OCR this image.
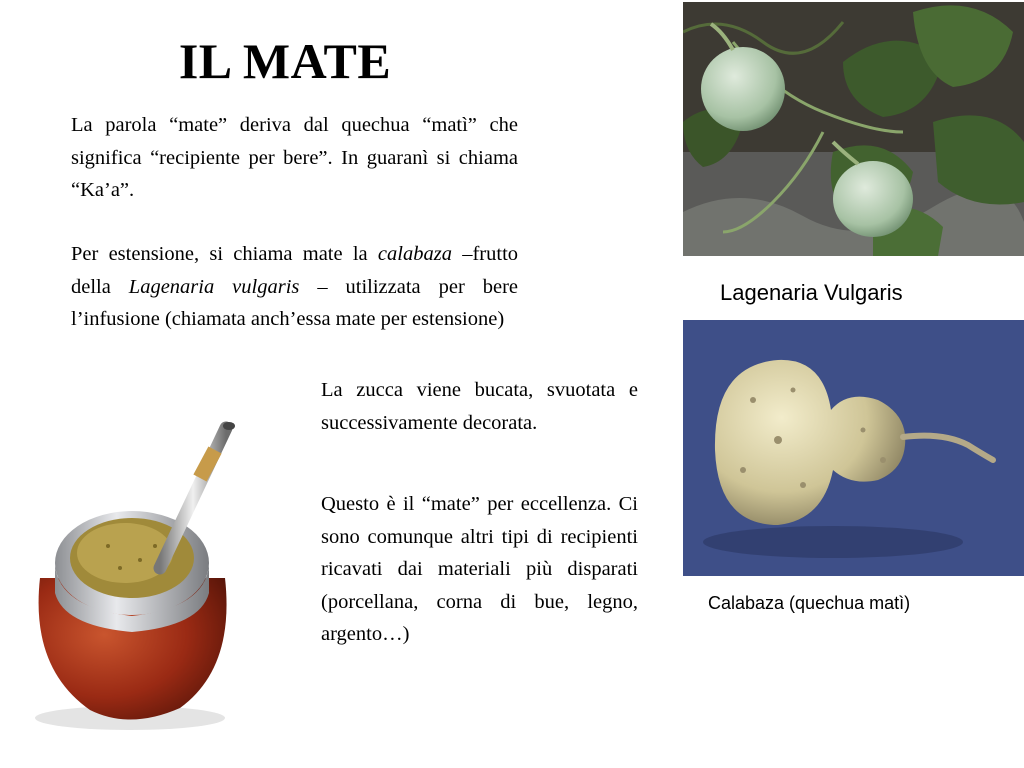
IL MATE

La parola “mate” deriva dal quechua “matì” che significa “recipiente per bere”. In guaranì si chiama “Ka’a”.

Per estensione, si chiama mate la calabaza –frutto della Lagenaria vulgaris – utilizzata per bere l’infusione (chiamata anch’essa mate per estensione)

La zucca viene bucata, svuotata e successivamente decorata.

Questo è il “mate” per eccellenza. Ci sono comunque altri tipi di recipienti ricavati dai materiali più disparati (porcellana, corna di bue, legno, argento…)

Lagenaria Vulgaris
Calabaza (quechua matì)
